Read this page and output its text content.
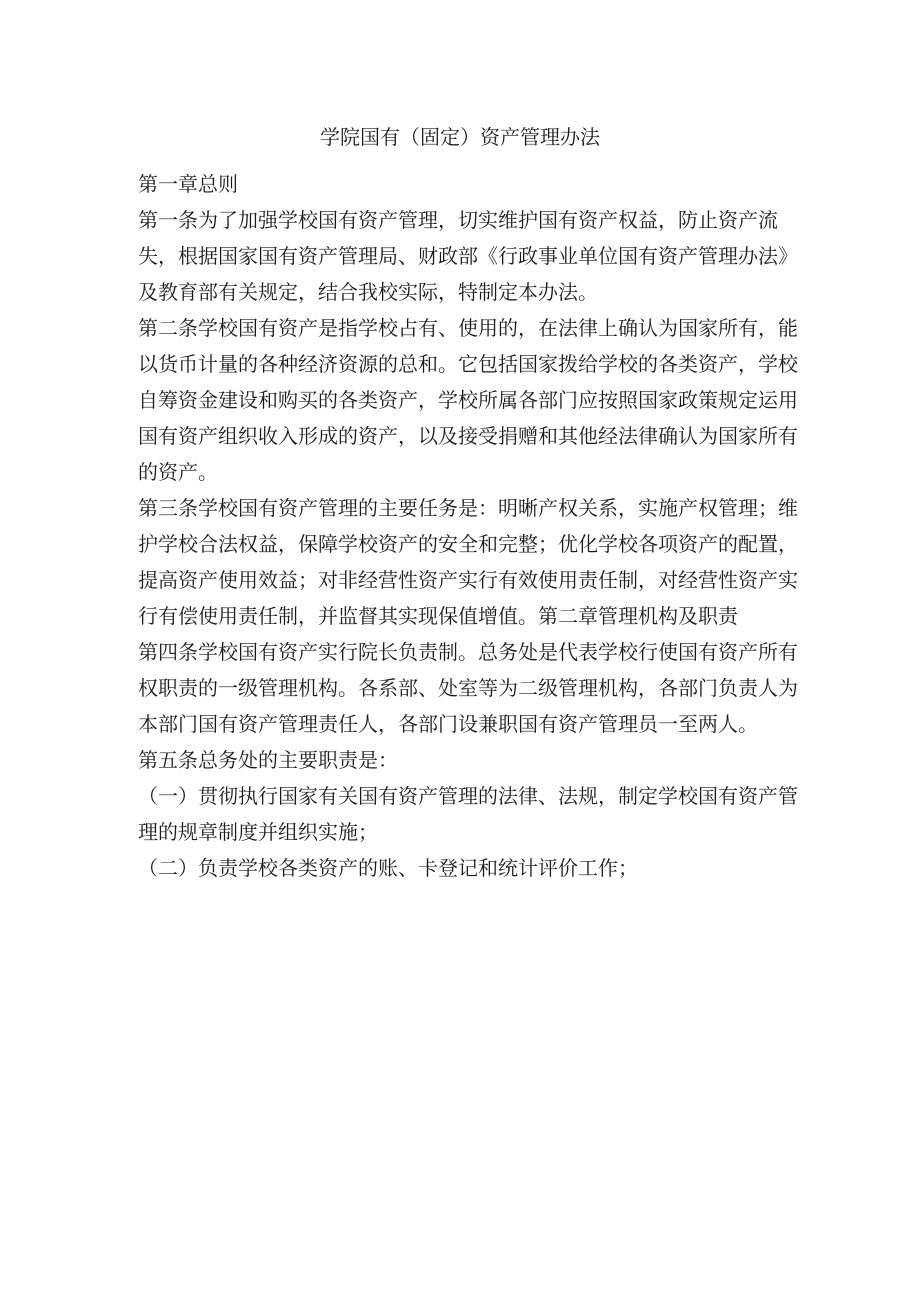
学院国有（固定）资产管理办法

第一章总则

第一条为了加强学校国有资产管理，切实维护国有资产权益，防止资产流失，根据国家国有资产管理局、财政部《行政事业单位国有资产管理办法》及教育部有关规定，结合我校实际，特制定本办法。

第二条学校国有资产是指学校占有、使用的，在法律上确认为国家所有，能以货币计量的各种经济资源的总和。它包括国家拨给学校的各类资产，学校自筹资金建设和购买的各类资产，学校所属各部门应按照国家政策规定运用国有资产组织收入形成的资产，以及接受捐赠和其他经法律确认为国家所有的资产。

第三条学校国有资产管理的主要任务是：明晰产权关系，实施产权管理；维护学校合法权益，保障学校资产的安全和完整；优化学校各项资产的配置，提高资产使用效益；对非经营性资产实行有效使用责任制，对经营性资产实行有偿使用责任制，并监督其实现保值增值。第二章管理机构及职责

第四条学校国有资产实行院长负责制。总务处是代表学校行使国有资产所有权职责的一级管理机构。各系部、处室等为二级管理机构，各部门负责人为本部门国有资产管理责任人，各部门设兼职国有资产管理员一至两人。

第五条总务处的主要职责是：

（一）贯彻执行国家有关国有资产管理的法律、法规，制定学校国有资产管理的规章制度并组织实施；

（二）负责学校各类资产的账、卡登记和统计评价工作；
